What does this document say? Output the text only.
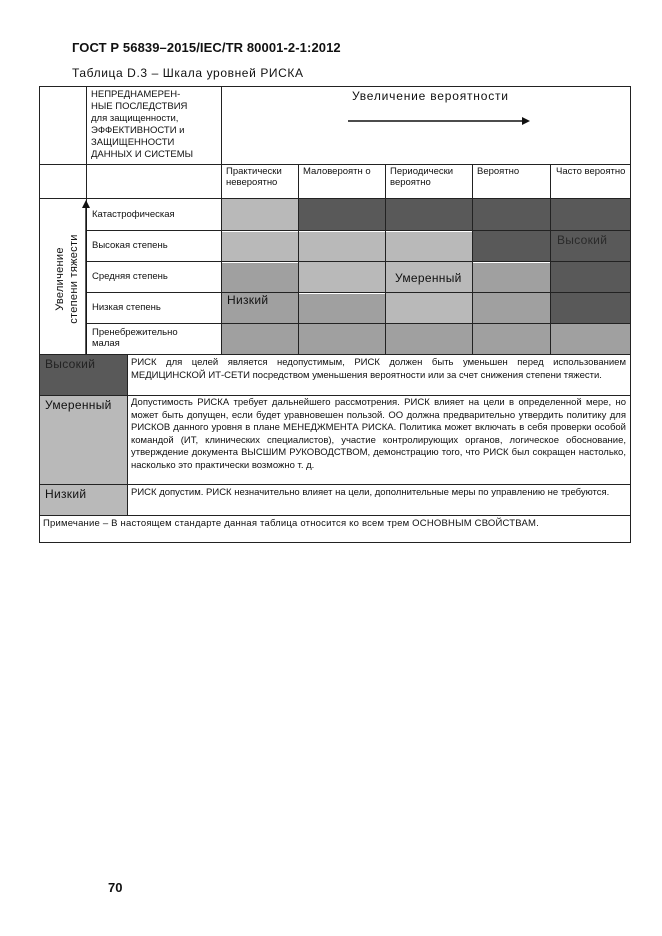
ГОСТ Р 56839–2015/IEC/TR 80001-2-1:2012
Таблица D.3 – Шкала уровней РИСКА
НЕПРЕДНАМЕРЕН-
НЫЕ ПОСЛЕДСТВИЯ
для защищенности,
ЭФФЕКТИВНОСТИ и
ЗАЩИЩЕННОСТИ
ДАННЫХ И СИСТЕМЫ
Увеличение вероятности
Практически невероятно
Маловероятн о	Периодически вероятно
Вероятно	Часто вероятно
Увеличение степени тяжести
Катастрофическая
Высокая степень
Средняя степень
Низкая степень
Пренебрежительно малая
Высокий
Умеренный
Низкий
Высокий
Умеренный
Низкий
РИСК для целей является недопустимым, РИСК должен быть уменьшен перед использованием МЕДИЦИНСКОЙ ИТ-СЕТИ посредством уменьшения вероятности или за счет снижения степени тяжести.
Допустимость РИСКА требует дальнейшего рассмотрения. РИСК влияет на цели в определенной мере, но может быть допущен, если будет уравновешен пользой. ОО должна предварительно утвердить политику для РИСКОВ данного уровня в плане МЕНЕДЖМЕНТА РИСКА. Политика может включать в себя проверки особой командой (ИТ, клинических специалистов), участие контролирующих органов, логическое обоснование, утверждение документа ВЫСШИМ РУКОВОДСТВОМ, демонстрацию того, что РИСК был сокращен настолько, насколько это практически возможно т. д.
РИСК допустим. РИСК незначительно влияет на цели, дополнительные меры по управлению не требуются.
Примечание – В настоящем стандарте данная таблица относится ко всем трем ОСНОВНЫМ СВОЙСТВАМ.
70
